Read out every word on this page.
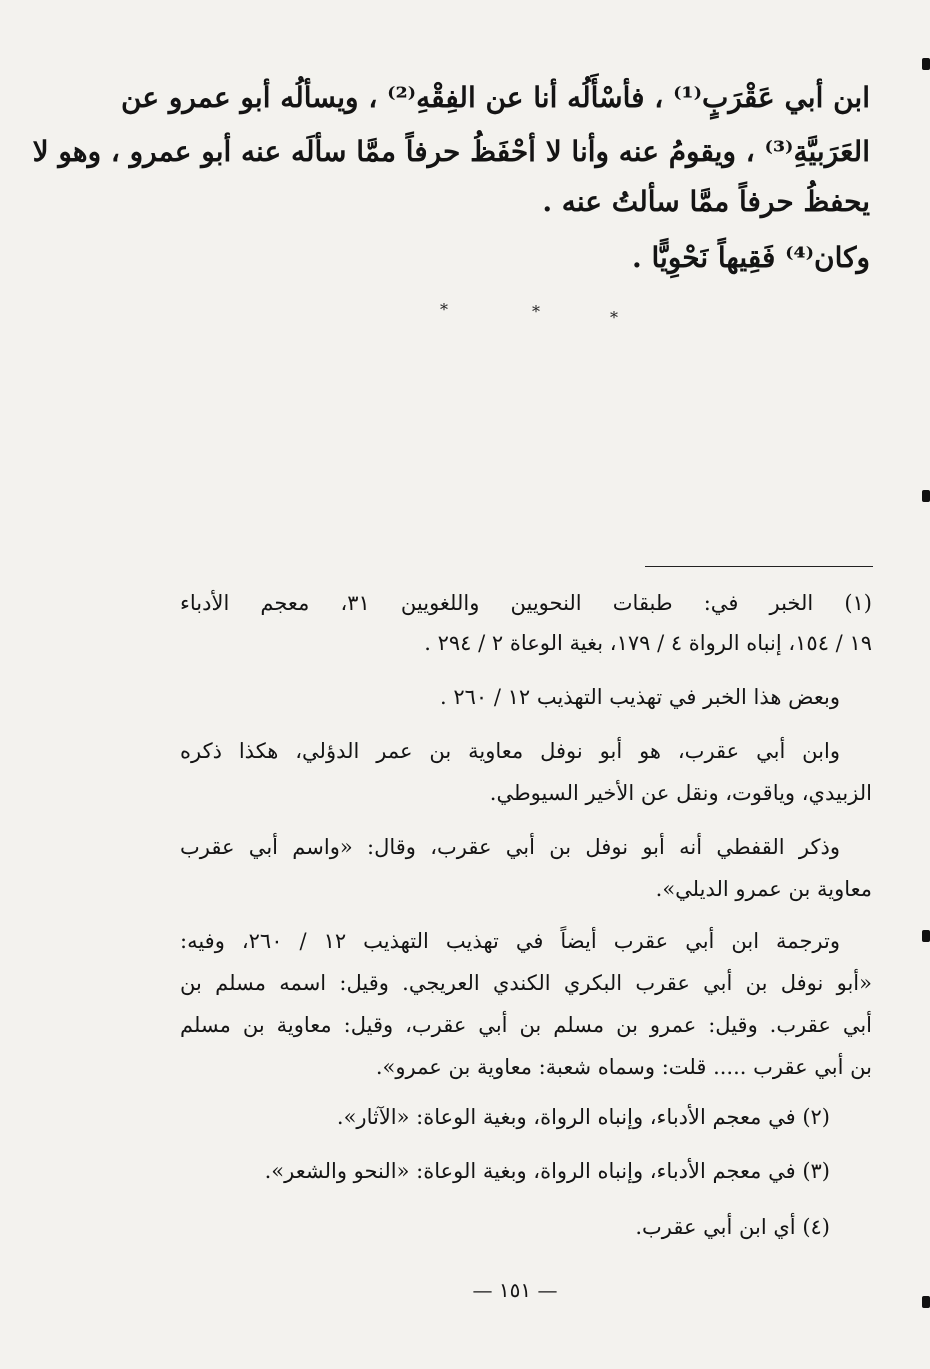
ابن أبي عَقْرَبٍ⁽¹⁾ ، فأسْأَلُه أنا عن الفِقْهِ⁽²⁾ ، ويسألُه أبو عمرو عن
العَرَبيَّةِ⁽³⁾ ، ويقومُ عنه وأنا لا أحْفَظُ حرفاً ممَّا سألَه عنه أبو عمرو ، وهو لا
يحفظُ حرفاً ممَّا سألتُ عنه .
وكان⁽⁴⁾ فَقِيهاً نَحْوِيًّا .
*	*	*
(١) الخبر في: طبقات النحويين واللغويين ٣١، معجم الأدباء
١٩ / ١٥٤، إنباه الرواة ٤ / ١٧٩، بغية الوعاة ٢ / ٢٩٤ .
وبعض هذا الخبر في تهذيب التهذيب ١٢ / ٢٦٠ .
وابن أبي عقرب، هو أبو نوفل معاوية بن عمر الدؤلي، هكذا ذكره
الزبيدي، وياقوت، ونقل عن الأخير السيوطي.
وذكر القفطي أنه أبو نوفل بن أبي عقرب، وقال: «واسم أبي عقرب
معاوية بن عمرو الديلي».
وترجمة ابن أبي عقرب أيضاً في تهذيب التهذيب ١٢ / ٢٦٠، وفيه:
«أبو نوفل بن أبي عقرب البكري الكندي العريجي. وقيل: اسمه مسلم بن
أبي عقرب. وقيل: عمرو بن مسلم بن أبي عقرب، وقيل: معاوية بن مسلم
بن أبي عقرب ..... قلت: وسماه شعبة: معاوية بن عمرو».
(٢) في معجم الأدباء، وإنباه الرواة، وبغية الوعاة: «الآثار».
(٣) في معجم الأدباء، وإنباه الرواة، وبغية الوعاة: «النحو والشعر».
(٤) أي ابن أبي عقرب.
— ١٥١ —
